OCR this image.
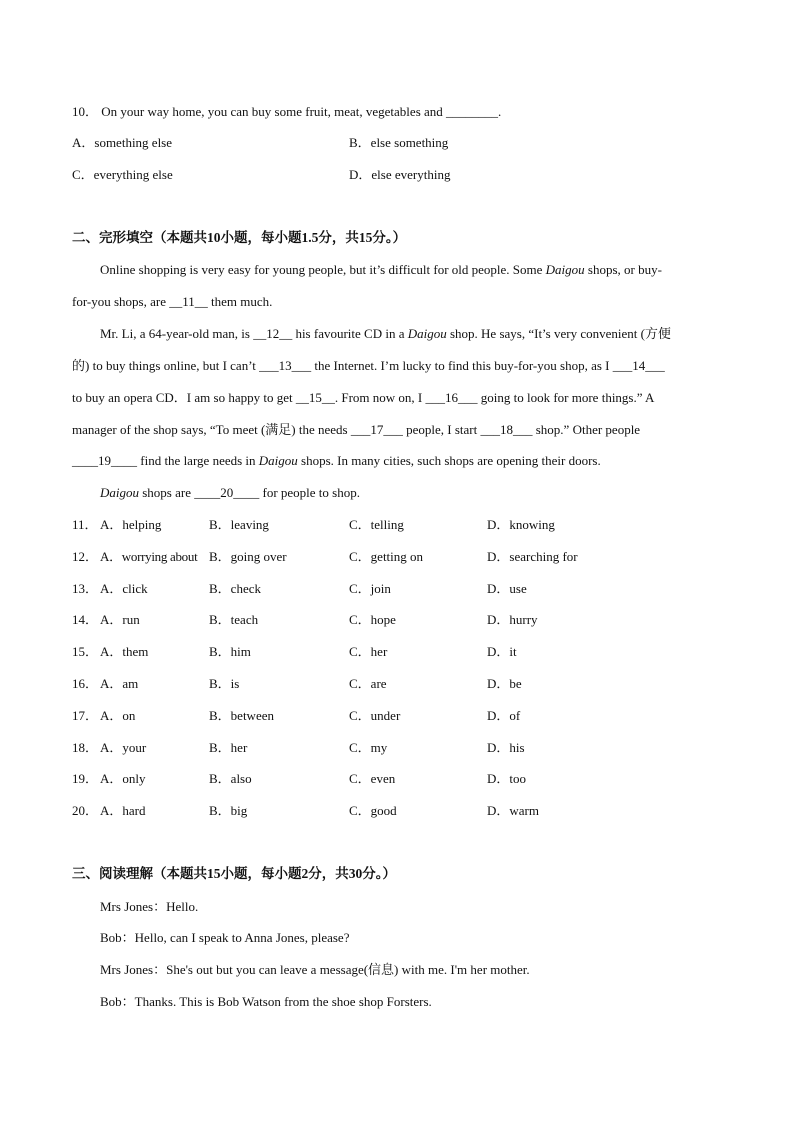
10． On your way home, you can buy some fruit, meat, vegetables and ________.
A．something else	B．else something
C．everything else	D．else everything
二、完形填空（本题共10小题，每小题1.5分，共15分。）
Online shopping is very easy for young people, but it’s difficult for old people. Some Daigou shops, or buy-
for-you shops, are __11__ them much.
Mr. Li, a 64-year-old man, is __12__ his favourite CD in a Daigou shop. He says, “It’s very convenient (方便
的) to buy things online, but I can’t ___13___ the Internet. I’m lucky to find this buy-for-you shop, as I ___14___
to buy an opera CD．I am so happy to get __15__. From now on, I ___16___ going to look for more things.” A
manager of the shop says, “To meet (满足) the needs ___17___ people, I start ___18___ shop.” Other people
____19____ find the large needs in Daigou shops. In many cities, such shops are opening their doors.
Daigou shops are ____20____ for people to shop.
11． A．helping	B．leaving	C．telling	D．knowing
12． A．worrying about B．going over	C．getting on	D．searching for
13． A．click	B．check	C．join	D．use
14． A．run	B．teach	C．hope	D．hurry
15． A．them	B．him	C．her	D．it
16． A．am	B．is	C．are	D．be
17． A．on	B．between	C．under	D．of
18． A．your	B．her	C．my	D．his
19． A．only	B．also	C．even	D．too
20． A．hard	B．big	C．good	D．warm
三、阅读理解（本题共15小题，每小题2分，共30分。）
Mrs Jones：Hello.
Bob：Hello, can I speak to Anna Jones, please?
Mrs Jones：She's out but you can leave a message(信息) with me. I'm her mother.
Bob：Thanks. This is Bob Watson from the shoe shop Forsters.
